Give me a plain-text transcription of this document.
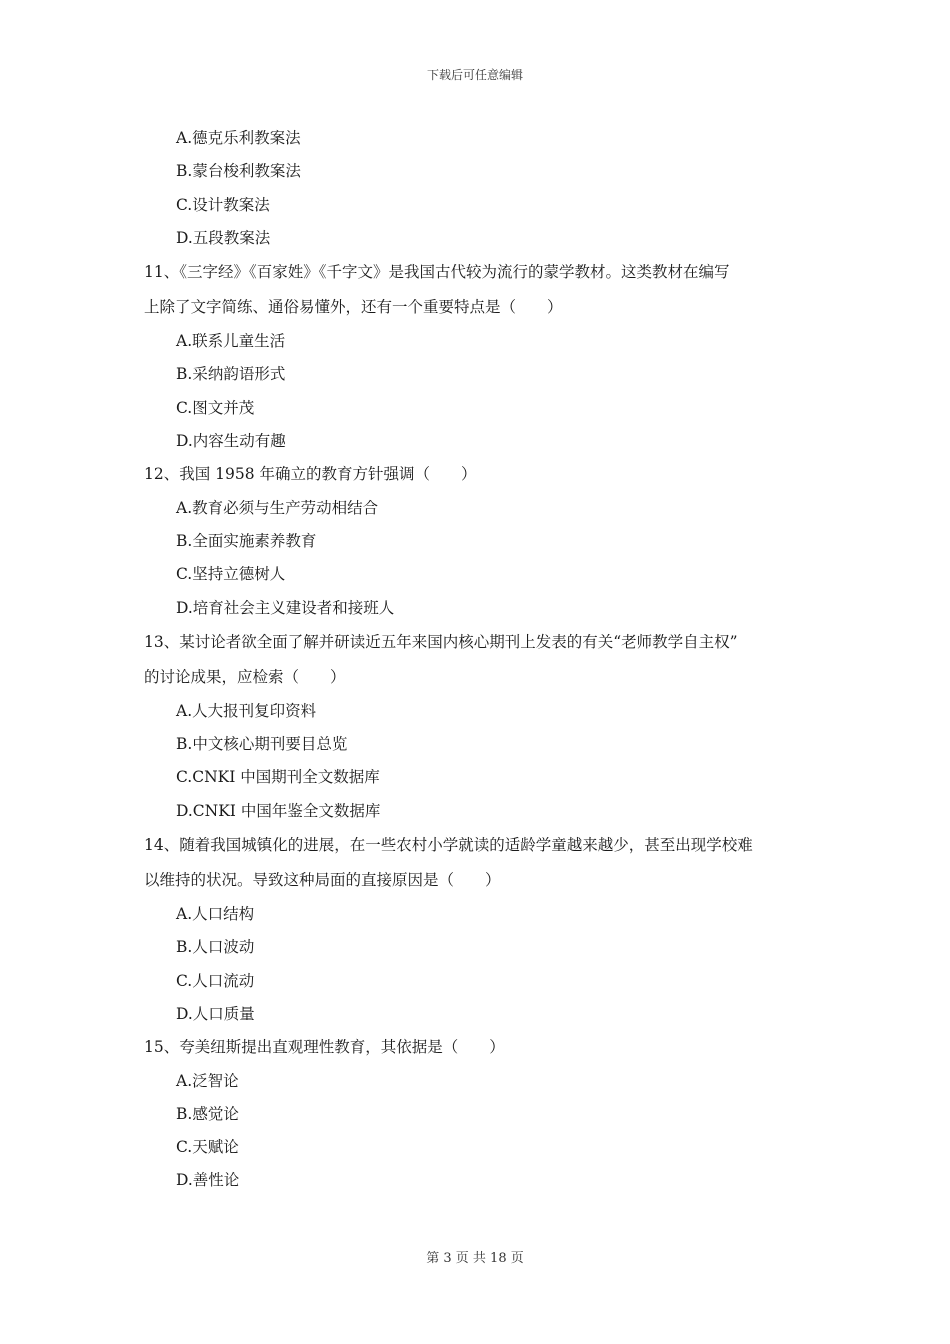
下载后可任意编辑
A.德克乐利教案法
B.蒙台梭利教案法
C.设计教案法
D.五段教案法
11、《三字经》《百家姓》《千字文》是我国古代较为流行的蒙学教材。这类教材在编写
上除了文字简练、通俗易懂外，还有一个重要特点是（　　）
A.联系儿童生活
B.采纳韵语形式
C.图文并茂
D.内容生动有趣
12、我国 1958 年确立的教育方针强调（　　）
A.教育必须与生产劳动相结合
B.全面实施素养教育
C.坚持立德树人
D.培育社会主义建设者和接班人
13、某讨论者欲全面了解并研读近五年来国内核心期刊上发表的有关“老师教学自主权”
的讨论成果，应检索（　　）
A.人大报刊复印资料
B.中文核心期刊要目总览
C.CNKI 中国期刊全文数据库
D.CNKI 中国年鉴全文数据库
14、随着我国城镇化的进展，在一些农村小学就读的适龄学童越来越少，甚至出现学校难
以维持的状况。导致这种局面的直接原因是（　　）
A.人口结构
B.人口波动
C.人口流动
D.人口质量
15、夸美纽斯提出直观理性教育，其依据是（　　）
A.泛智论
B.感觉论
C.天赋论
D.善性论
第 3 页 共 18 页
